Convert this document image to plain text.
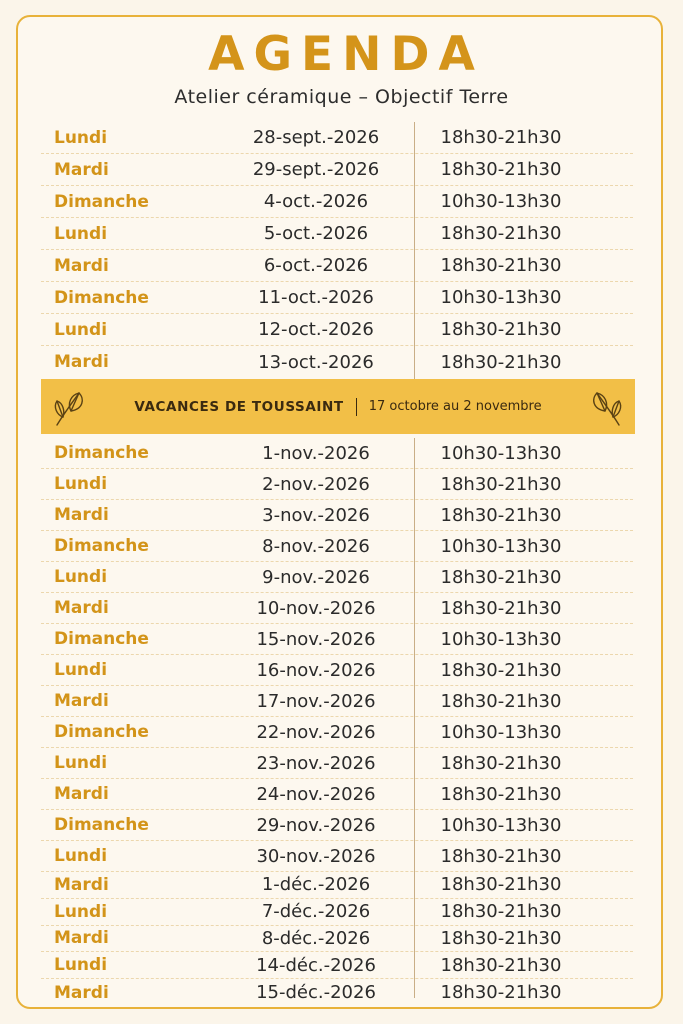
AGENDA
Atelier céramique – Objectif Terre
Lundi	28-sept.-2026	18h30-21h30
Mardi	29-sept.-2026	18h30-21h30
Dimanche	4-oct.-2026	10h30-13h30
Lundi	5-oct.-2026	18h30-21h30
Mardi	6-oct.-2026	18h30-21h30
Dimanche	11-oct.-2026	10h30-13h30
Lundi	12-oct.-2026	18h30-21h30
Mardi	13-oct.-2026	18h30-21h30
VACANCES DE TOUSSAINT 17 octobre au 2 novembre
Dimanche	1-nov.-2026	10h30-13h30
Lundi	2-nov.-2026	18h30-21h30
Mardi	3-nov.-2026	18h30-21h30
Dimanche	8-nov.-2026	10h30-13h30
Lundi	9-nov.-2026	18h30-21h30
Mardi	10-nov.-2026	18h30-21h30
Dimanche	15-nov.-2026	10h30-13h30
Lundi	16-nov.-2026	18h30-21h30
Mardi	17-nov.-2026	18h30-21h30
Dimanche	22-nov.-2026	10h30-13h30
Lundi	23-nov.-2026	18h30-21h30
Mardi	24-nov.-2026	18h30-21h30
Dimanche	29-nov.-2026	10h30-13h30
Lundi	30-nov.-2026	18h30-21h30
Mardi	1-déc.-2026	18h30-21h30
Lundi	7-déc.-2026	18h30-21h30
Mardi	8-déc.-2026	18h30-21h30
Lundi	14-déc.-2026	18h30-21h30
Mardi	15-déc.-2026	18h30-21h30
